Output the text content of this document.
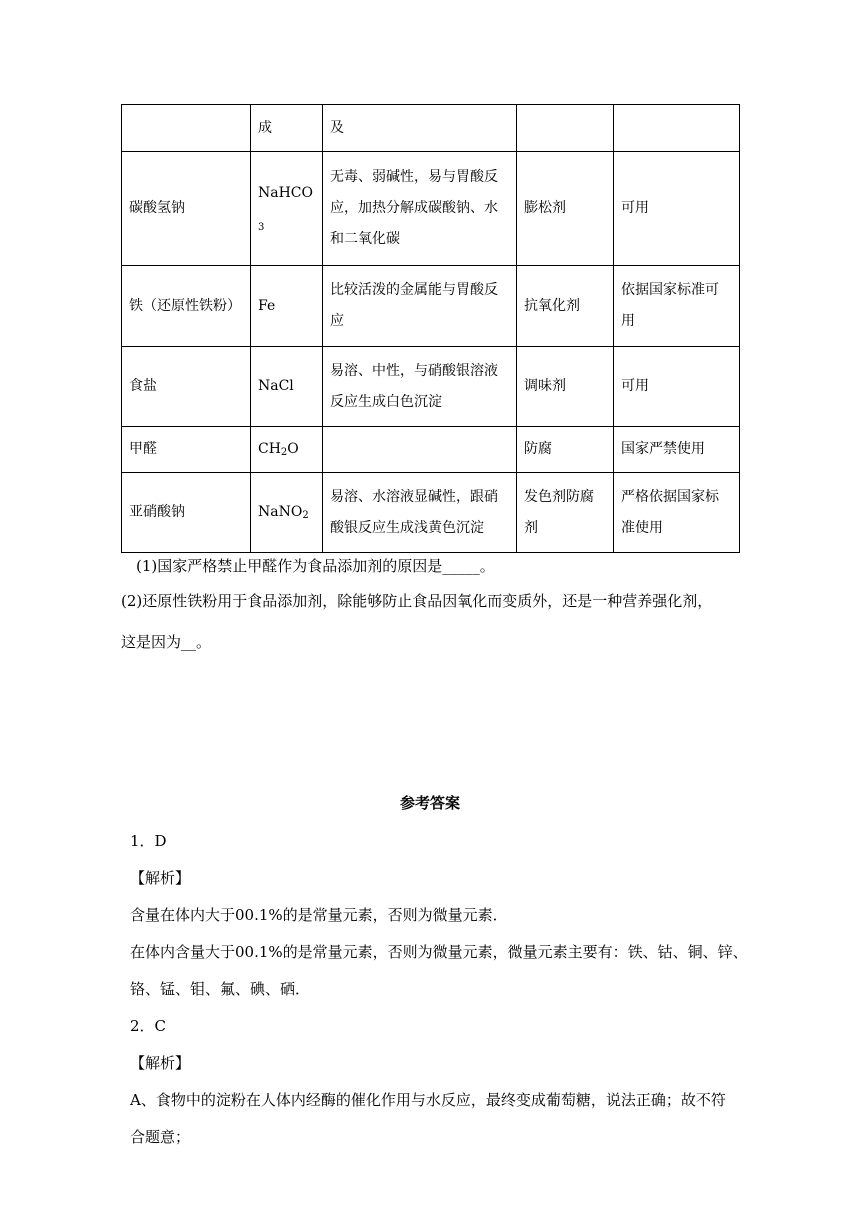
	成	及		
碳酸氢钠	NaHCO$_3$	无毒、弱碱性，易与胃酸反应，加热分解成碳酸钠、水和二氧化碳	膨松剂	可用
铁（还原性铁粉）	Fe	比较活泼的金属能与胃酸反应	抗氧化剂	依据国家标准可用
食盐	NaCl	易溶、中性，与硝酸银溶液反应生成白色沉淀	调味剂	可用
甲醛	$CH_2O$		防腐	国家严禁使用
亚硝酸钠	NaNO$_2$	易溶、水溶液显碱性，跟硝酸银反应生成浅黄色沉淀	发色剂防腐剂	严格依据国家标准使用
(1)国家严格禁止甲醛作为食品添加剂的原因是_____。
(2)还原性铁粉用于食品添加剂，除能够防止食品因氧化而变质外，还是一种营养强化剂，
这是因为__。
参考答案
1．D
【解析】
含量在体内大于00.1%的是常量元素，否则为微量元素．
在体内含量大于00.1%的是常量元素，否则为微量元素，微量元素主要有：铁、钴、铜、锌、
铬、锰、钼、氟、碘、硒．
2．C
【解析】
A、食物中的淀粉在人体内经酶的催化作用与水反应，最终变成葡萄糖，说法正确；故不符
合题意；
